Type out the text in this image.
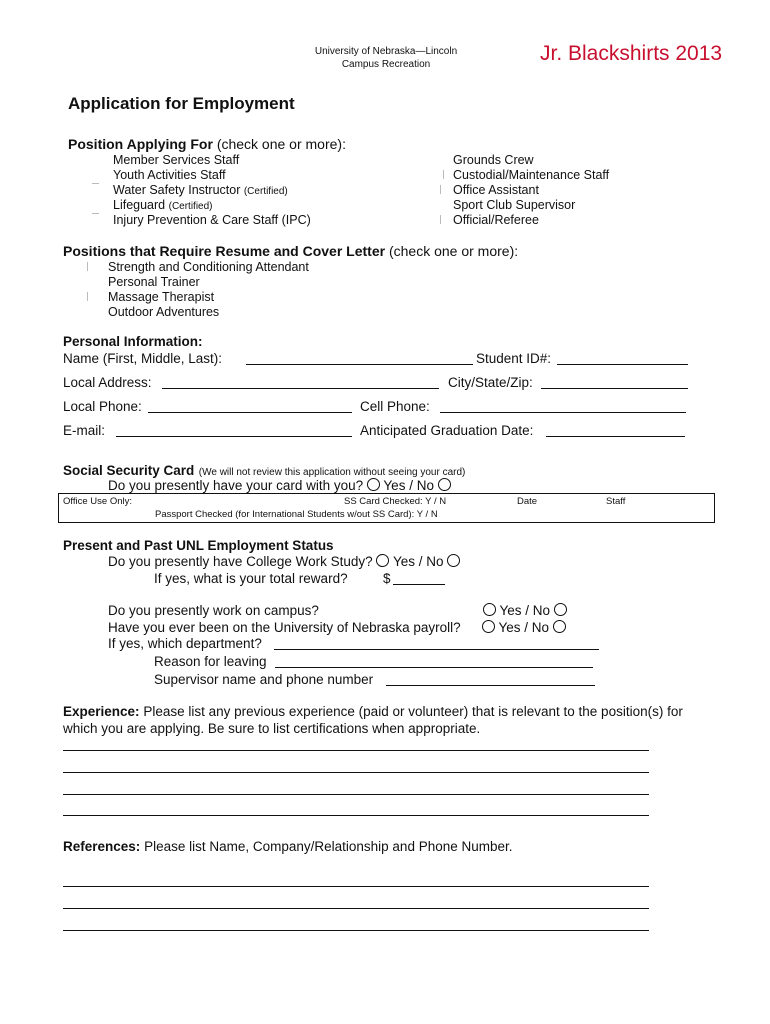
University of Nebraska—Lincoln
Campus Recreation	Jr. Blackshirts 2013
Application for Employment
Position Applying For (check one or more):
Member Services Staff
Youth Activities Staff
Water Safety Instructor (Certified)
Lifeguard (Certified)
Injury Prevention & Care Staff (IPC)
Grounds Crew
Custodial/Maintenance Staff
Office Assistant
Sport Club Supervisor
Official/Referee
Positions that Require Resume and Cover Letter (check one or more):
Strength and Conditioning Attendant
Personal Trainer
Massage Therapist
Outdoor Adventures
Personal Information:
Name (First, Middle, Last):	Student ID#:
Local Address:	City/State/Zip:
Local Phone:	Cell Phone:
E-mail:	Anticipated Graduation Date:
Social Security Card (We will not review this application without seeing your card)
Do you presently have your card with you? Yes / No
Office Use Only:	SS Card Checked: Y / N	Date	Staff
Passport Checked (for International Students w/out SS Card): Y / N
Present and Past UNL Employment Status
Do you presently have College Work Study? Yes / No
If yes, what is your total reward?	$
Do you presently work on campus?	Yes / No
Have you ever been on the University of Nebraska payroll?	Yes / No
If yes, which department?
Reason for leaving
Supervisor name and phone number
Experience: Please list any previous experience (paid or volunteer) that is relevant to the position(s) for
which you are applying. Be sure to list certifications when appropriate.
References: Please list Name, Company/Relationship and Phone Number.
